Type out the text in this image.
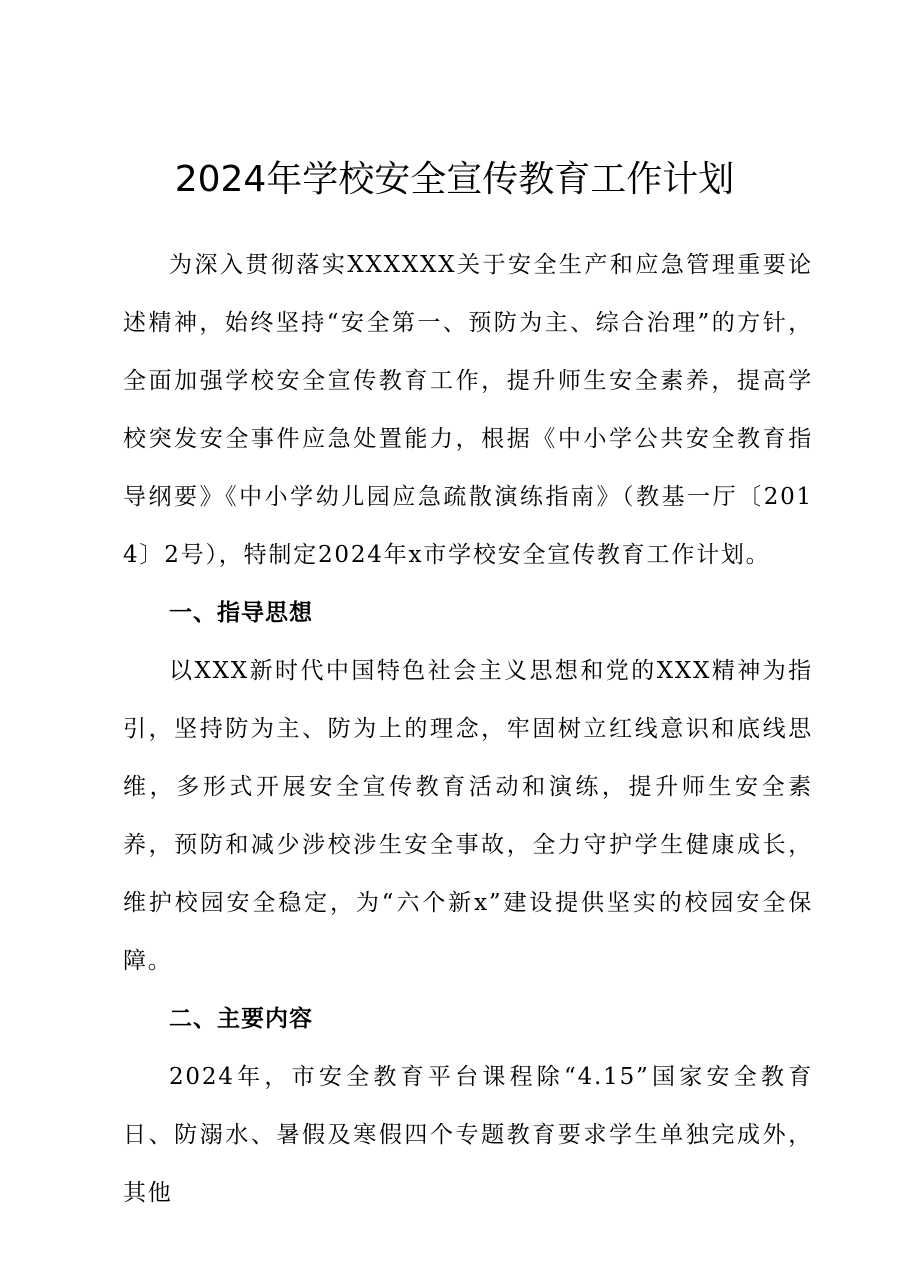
2024年学校安全宣传教育工作计划

为深入贯彻落实XXXXXX关于安全生产和应急管理重要论述精神，始终坚持“安全第一、预防为主、综合治理”的方针，全面加强学校安全宣传教育工作，提升师生安全素养，提高学校突发安全事件应急处置能力，根据《中小学公共安全教育指导纲要》《中小学幼儿园应急疏散演练指南》（教基一厅〔2014〕2号），特制定2024年x市学校安全宣传教育工作计划。

一、指导思想

以XXX新时代中国特色社会主义思想和党的XXX精神为指引，坚持防为主、防为上的理念，牢固树立红线意识和底线思维，多形式开展安全宣传教育活动和演练，提升师生安全素养，预防和减少涉校涉生安全事故，全力守护学生健康成长，维护校园安全稳定，为“六个新x”建设提供坚实的校园安全保障。

二、主要内容

2024年，市安全教育平台课程除“4.15”国家安全教育日、防溺水、暑假及寒假四个专题教育要求学生单独完成外，其他
